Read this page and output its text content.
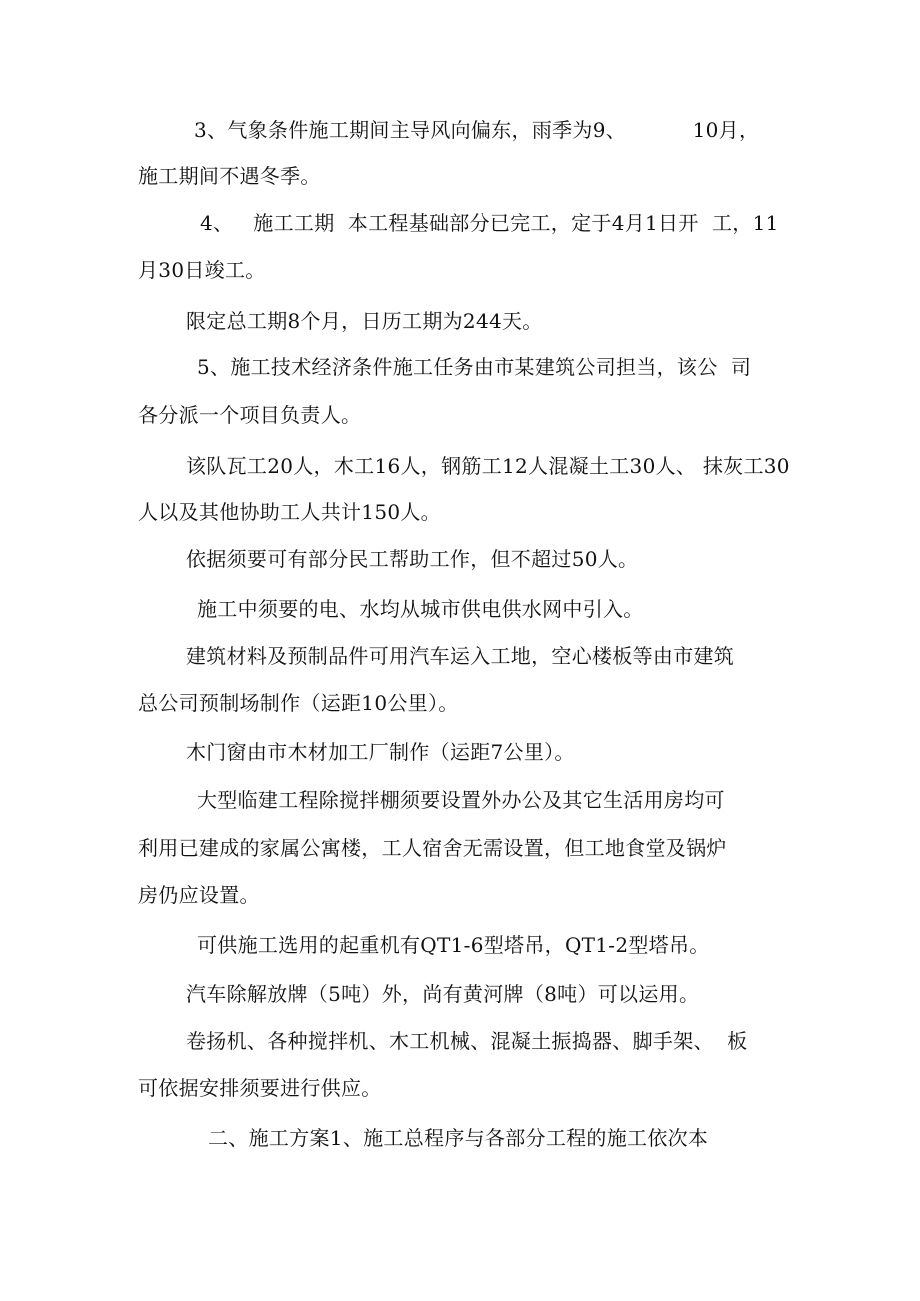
3、气象条件施工期间主导风向偏东，雨季为9、          10月，
施工期间不遇冬季。
4、   施工工期  本工程基础部分已完工，定于4月1日开  工，11
月30日竣工。
限定总工期8个月，日历工期为244天。
5、施工技术经济条件施工任务由市某建筑公司担当，该公  司
各分派一个项目负责人。
该队瓦工20人，木工16人，钢筋工12人混凝土工30人、 抹灰工30
人以及其他协助工人共计150人。
依据须要可有部分民工帮助工作，但不超过50人。
施工中须要的电、水均从城市供电供水网中引入。
建筑材料及预制品件可用汽车运入工地，空心楼板等由市建筑
总公司预制场制作（运距10公里）。
木门窗由市木材加工厂制作（运距7公里）。
大型临建工程除搅拌棚须要设置外办公及其它生活用房均可
利用已建成的家属公寓楼，工人宿舍无需设置，但工地食堂及锅炉
房仍应设置。
可供施工选用的起重机有QT1-6型塔吊，QT1-2型塔吊。
汽车除解放牌（5吨）外，尚有黄河牌（8吨）可以运用。
卷扬机、各种搅拌机、木工机械、混凝土振捣器、脚手架、  板
可依据安排须要进行供应。
二、施工方案1、施工总程序与各部分工程的施工依次本
